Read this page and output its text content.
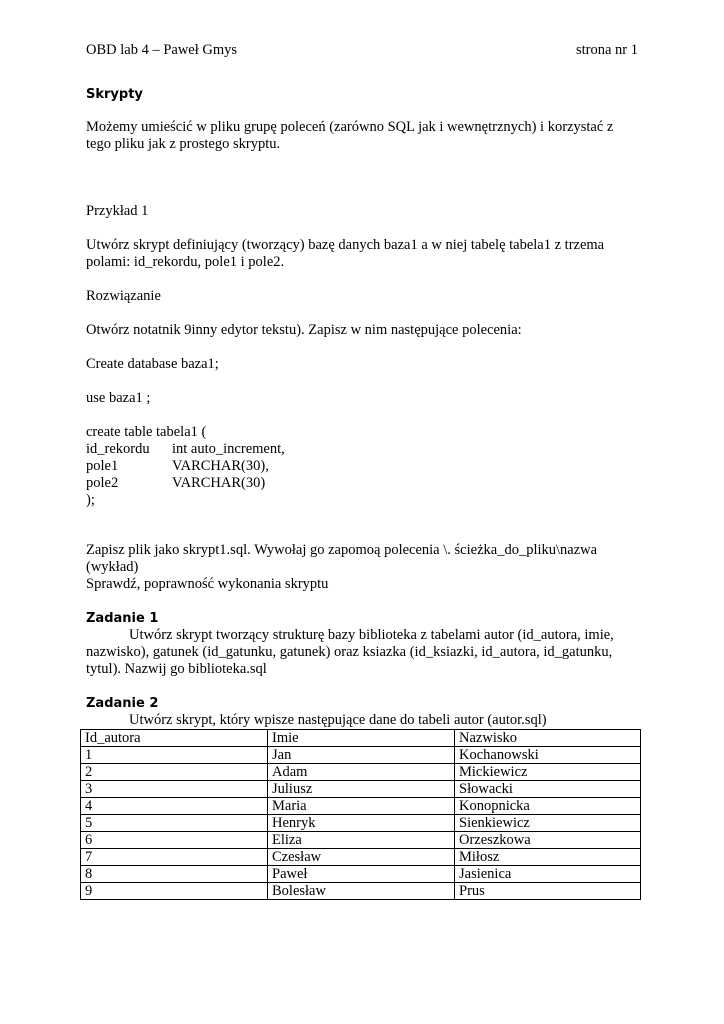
OBD lab 4 – Paweł Gmys	strona nr 1
Skrypty

Możemy umieścić w pliku grupę poleceń (zarówno SQL jak i wewnętrznych) i korzystać z tego pliku jak z prostego skryptu.

Przykład 1

Utwórz skrypt definiujący (tworzący) bazę danych baza1 a w niej tabelę tabela1 z trzema polami: id_rekordu, pole1 i pole2.

Rozwiązanie

Otwórz notatnik 9inny edytor tekstu). Zapisz w nim następujące polecenia:

Create database baza1;

use baza1 ;

create table tabela1 (

id_rekordu	int auto_increment,
pole1	VARCHAR(30),
pole2	VARCHAR(30)

);

Zapisz plik jako skrypt1.sql. Wywołaj go zapomoą polecenia \. ścieżka_do_pliku\nazwa (wykład)

Sprawdź, poprawność wykonania skryptu

Zadanie 1

Utwórz skrypt tworzący strukturę bazy biblioteka z tabelami autor (id_autora, imie, nazwisko), gatunek (id_gatunku, gatunek) oraz ksiazka (id_ksiazki, id_autora, id_gatunku, tytul). Nazwij go biblioteka.sql

Zadanie 2

Utwórz skrypt, który wpisze następujące dane do tabeli autor (autor.sql)

Id_autora	Imie	Nazwisko
1	Jan	Kochanowski
2	Adam	Mickiewicz
3	Juliusz	Słowacki
4	Maria	Konopnicka
5	Henryk	Sienkiewicz
6	Eliza	Orzeszkowa
7	Czesław	Miłosz
8	Paweł	Jasienica
9	Bolesław	Prus
